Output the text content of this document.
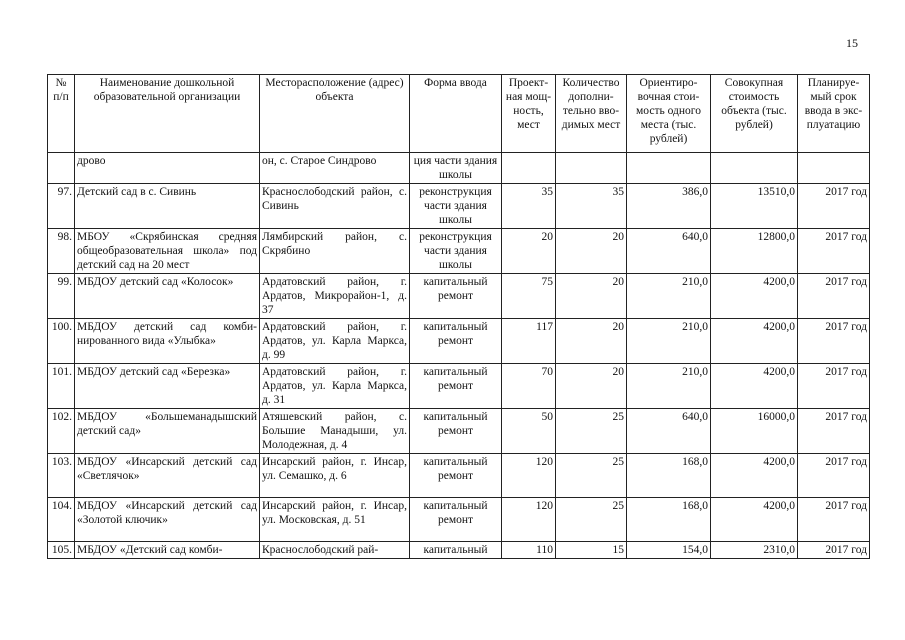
15
№ п/п	Наименование дошкольной образовательной организации	Месторасположение (адрес) объекта	Форма ввода	Проектная мощность, мест	Количество дополнительно вводимых мест	Ориентировочная стоимость одного места (тыс. рублей)	Совокупная стоимость объекта (тыс. рублей)	Планируемый срок ввода в эксплуатацию
	дрово	он, с. Старое Синдрово	ция части здания школы					
97.	Детский сад в с. Сивинь	Краснослободский район, с. Сивинь	реконструкция части здания школы	35	35	386,0	13510,0	2017 год
98.	МБОУ «Скрябинская средняя общеобразовательная школа» под детский сад на 20 мест	Лямбирский район, с. Скрябино	реконструкция части здания школы	20	20	640,0	12800,0	2017 год
99.	МБДОУ детский сад «Колосок»	Ардатовский район, г. Ардатов, Микрорайон-1, д. 37	капитальный ремонт	75	20	210,0	4200,0	2017 год
100.	МБДОУ детский сад комбинированного вида «Улыбка»	Ардатовский район, г. Ардатов, ул. Карла Маркса, д. 99	капитальный ремонт	117	20	210,0	4200,0	2017 год
101.	МБДОУ детский сад «Березка»	Ардатовский район, г. Ардатов, ул. Карла Маркса, д. 31	капитальный ремонт	70	20	210,0	4200,0	2017 год
102.	МБДОУ «Большеманадышский детский сад»	Атяшевский район, с. Большие Манадыши, ул. Молодежная, д. 4	капитальный ремонт	50	25	640,0	16000,0	2017 год
103.	МБДОУ «Инсарский детский сад «Светлячок»	Инсарский район, г. Инсар, ул. Семашко, д. 6	капитальный ремонт	120	25	168,0	4200,0	2017 год
104.	МБДОУ «Инсарский детский сад «Золотой ключик»	Инсарский район, г. Инсар, ул. Московская, д. 51	капитальный ремонт	120	25	168,0	4200,0	2017 год
105.	МБДОУ «Детский сад комби-	Краснослободский рай-	капитальный	110	15	154,0	2310,0	2017 год
